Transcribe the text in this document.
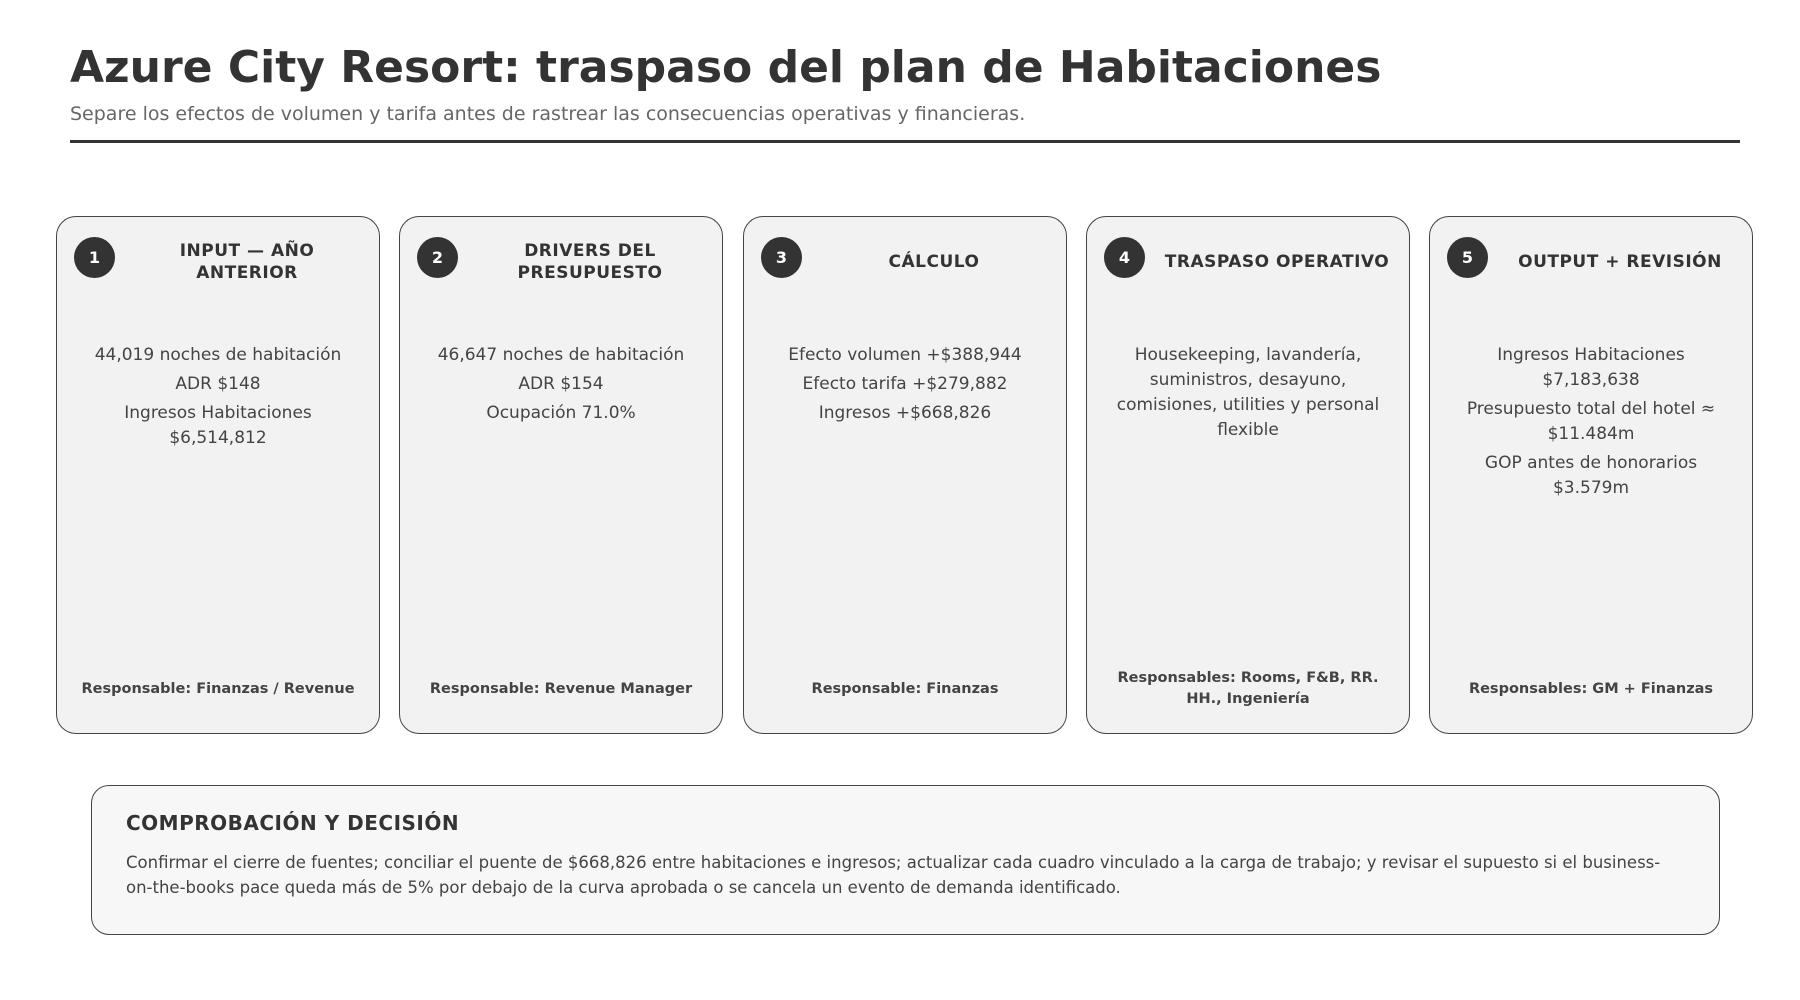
Azure City Resort: traspaso del plan de Habitaciones
Separe los efectos de volumen y tarifa antes de rastrear las consecuencias operativas y financieras.
1	INPUT — AÑO ANTERIOR
44,019 noches de habitación
ADR $148
Ingresos Habitaciones $6,514,812
Responsable: Finanzas / Revenue
2	DRIVERS DEL PRESUPUESTO
46,647 noches de habitación
ADR $154
Ocupación 71.0%
Responsable: Revenue Manager
3	CÁLCULO
Efecto volumen +$388,944
Efecto tarifa +$279,882
Ingresos +$668,826
Responsable: Finanzas
4	TRASPASO OPERATIVO
Housekeeping, lavandería, suministros, desayuno, comisiones, utilities y personal flexible
Responsables: Rooms, F&B, RR. HH., Ingeniería
5	OUTPUT + REVISIÓN
Ingresos Habitaciones $7,183,638
Presupuesto total del hotel ≈ $11.484m
GOP antes de honorarios $3.579m
Responsables: GM + Finanzas
COMPROBACIÓN Y DECISIÓN
Confirmar el cierre de fuentes; conciliar el puente de $668,826 entre habitaciones e ingresos; actualizar cada cuadro vinculado a la carga de trabajo; y revisar el supuesto si el business-on-the-books pace queda más de 5% por debajo de la curva aprobada o se cancela un evento de demanda identificado.
